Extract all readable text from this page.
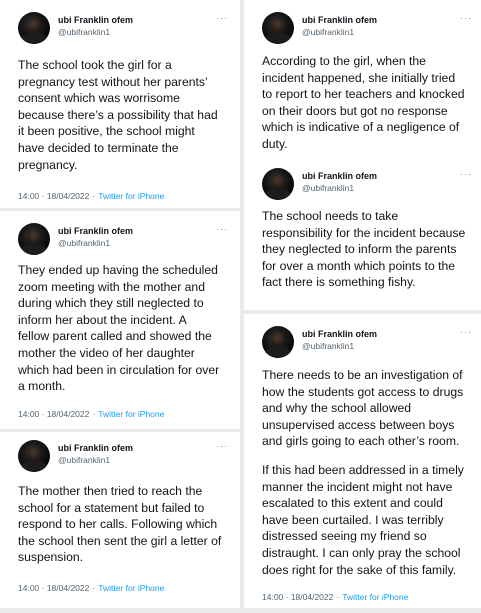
ubi Franklin ofem
@ubifranklin1
···
The school took the girl for a
pregnancy test without her parents’
consent which was worrisome
because there’s a possibility that had
it been positive, the school might
have decided to terminate the
pregnancy.
14:00 · 18/04/2022 · Twitter for iPhone
ubi Franklin ofem
@ubifranklin1
···
They ended up having the scheduled
zoom meeting with the mother and
during which they still neglected to
inform her about the incident. A
fellow parent called and showed the
mother the video of her daughter
which had been in circulation for over
a month.
14:00 · 18/04/2022 · Twitter for iPhone
ubi Franklin ofem
@ubifranklin1
···
The mother then tried to reach the
school for a statement but failed to
respond to her calls. Following which
the school then sent the girl a letter of
suspension.
14:00 · 18/04/2022 · Twitter for iPhone
ubi Franklin ofem
@ubifranklin1
···
According to the girl, when the
incident happened, she initially tried
to report to her teachers and knocked
on their doors but got no response
which is indicative of a negligence of
duty.
ubi Franklin ofem
@ubifranklin1
···
The school needs to take
responsibility for the incident because
they neglected to inform the parents
for over a month which points to the
fact there is something fishy.
ubi Franklin ofem
@ubifranklin1
···
There needs to be an investigation of
how the students got access to drugs
and why the school allowed
unsupervised access between boys
and girls going to each other’s room.
If this had been addressed in a timely
manner the incident might not have
escalated to this extent and could
have been curtailed. I was terribly
distressed seeing my friend so
distraught. I can only pray the school
does right for the sake of this family.
14:00 · 18/04/2022 · Twitter for iPhone
